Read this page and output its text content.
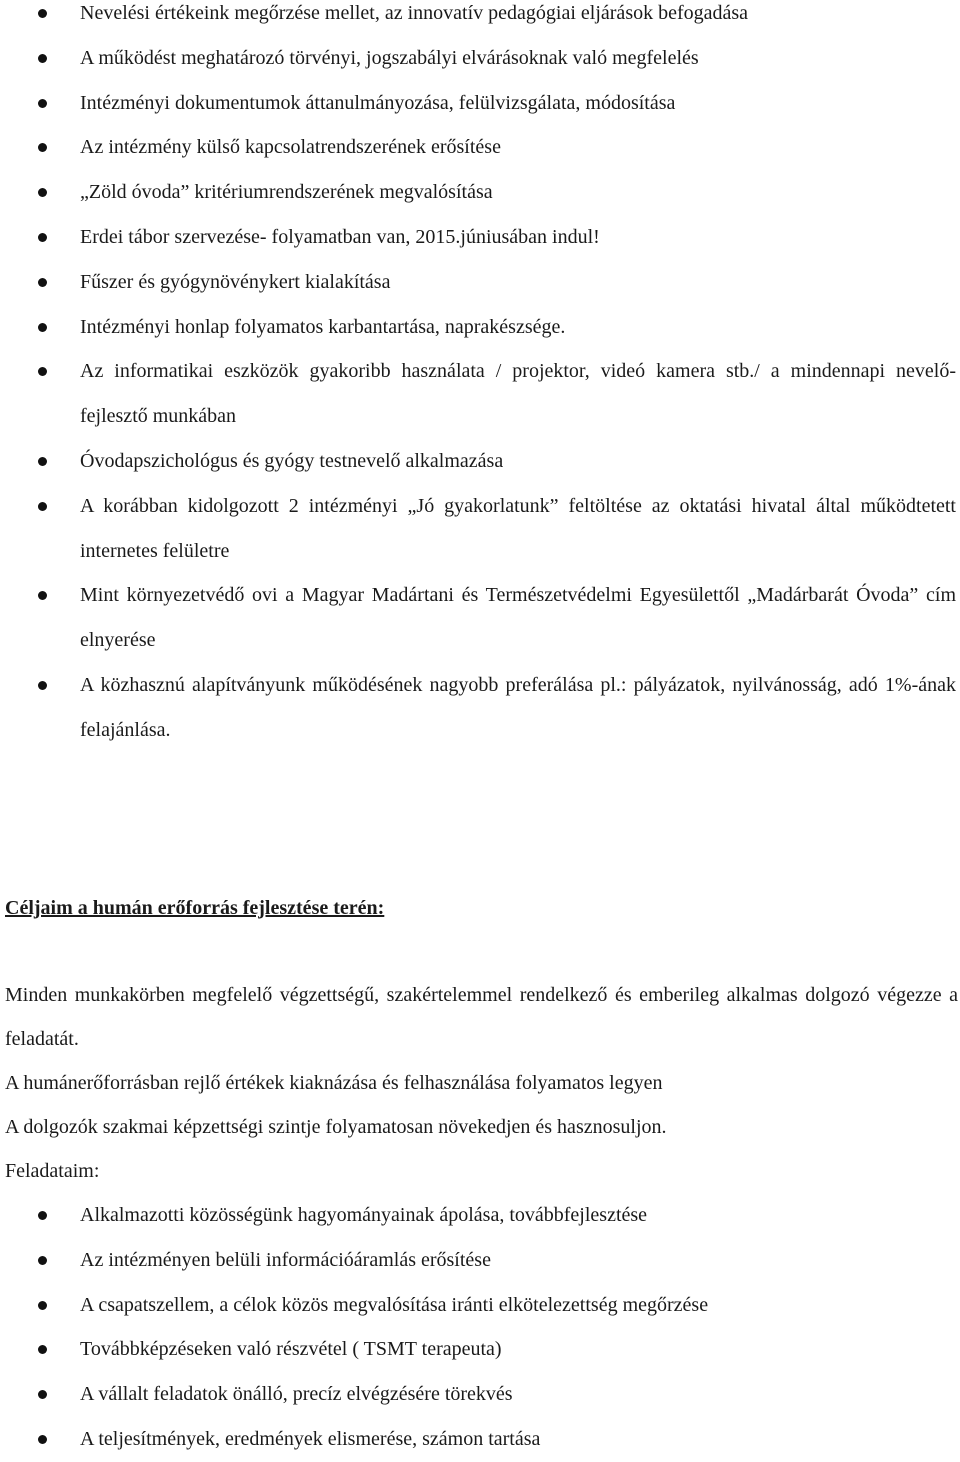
Nevelési értékeink megőrzése mellet, az innovatív pedagógiai eljárások befogadása
A működést meghatározó törvényi, jogszabályi elvárásoknak való megfelelés
Intézményi dokumentumok áttanulmányozása, felülvizsgálata, módosítása
Az intézmény külső kapcsolatrendszerének erősítése
„Zöld óvoda” kritériumrendszerének megvalósítása
Erdei tábor szervezése- folyamatban van, 2015.júniusában indul!
Fűszer és gyógynövénykert kialakítása
Intézményi honlap folyamatos karbantartása, naprakészsége.
Az informatikai eszközök gyakoribb használata / projektor, videó kamera stb./ a mindennapi nevelő- fejlesztő munkában
Óvodapszichológus és gyógy testnevelő alkalmazása
A korábban kidolgozott 2 intézményi „Jó gyakorlatunk” feltöltése az oktatási hivatal által működtetett internetes felületre
Mint környezetvédő ovi a Magyar Madártani és Természetvédelmi Egyesülettől „Madárbarát Óvoda” cím elnyerése
A közhasznú alapítványunk működésének nagyobb preferálása pl.: pályázatok, nyilvánosság, adó 1%-ának felajánlása.
Céljaim a humán erőforrás fejlesztése terén:

Minden munkakörben megfelelő végzettségű, szakértelemmel rendelkező és emberileg alkalmas dolgozó végezze a feladatát.

A humánerőforrásban rejlő értékek kiaknázása és felhasználása folyamatos legyen

A dolgozók szakmai képzettségi szintje folyamatosan növekedjen és hasznosuljon.

Feladataim:

Alkalmazotti közösségünk hagyományainak ápolása, továbbfejlesztése
Az intézményen belüli információáramlás erősítése
A csapatszellem, a célok közös megvalósítása iránti elkötelezettség megőrzése
Továbbképzéseken való részvétel ( TSMT terapeuta)
A vállalt feladatok önálló, precíz elvégzésére törekvés
A teljesítmények, eredmények elismerése, számon tartása
